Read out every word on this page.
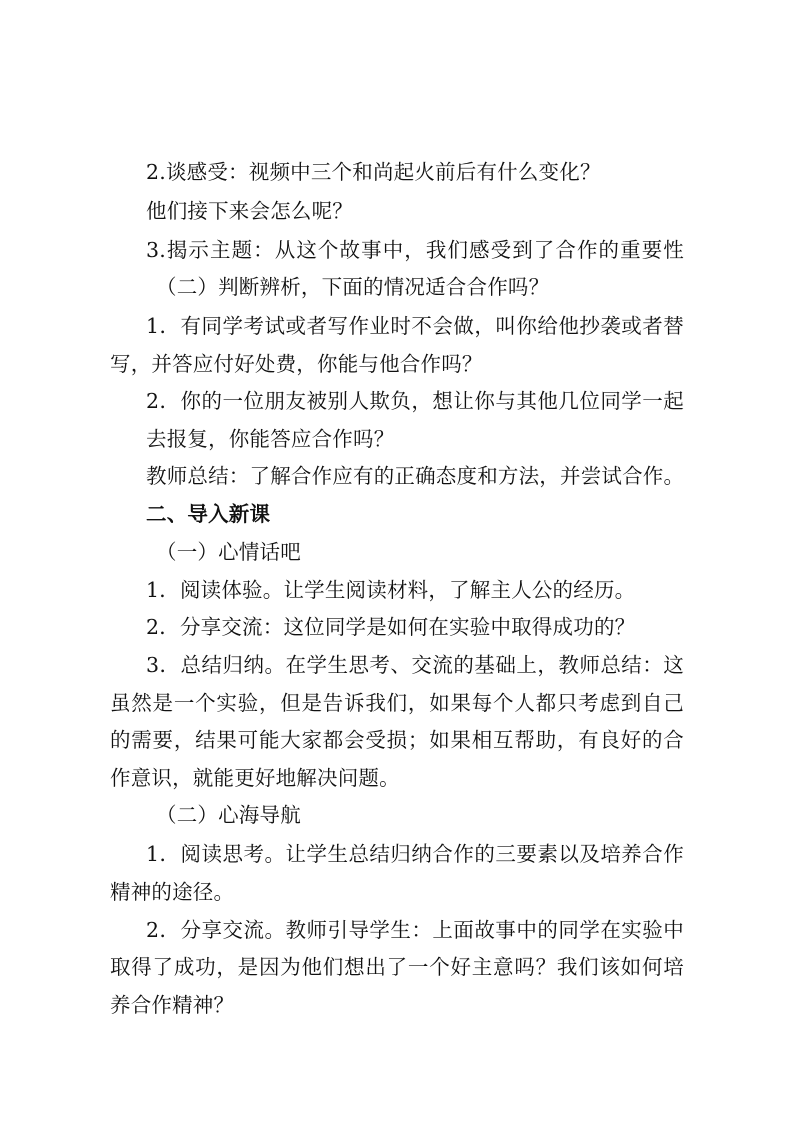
2.谈感受：视频中三个和尚起火前后有什么变化？
他们接下来会怎么呢？
3.揭示主题：从这个故事中，我们感受到了合作的重要性
（二）判断辨析，下面的情况适合合作吗？
1．有同学考试或者写作业时不会做，叫你给他抄袭或者替
写，并答应付好处费，你能与他合作吗？
2．你的一位朋友被别人欺负，想让你与其他几位同学一起
去报复，你能答应合作吗？
教师总结：了解合作应有的正确态度和方法，并尝试合作。
二、导入新课
（一）心情话吧
1．阅读体验。让学生阅读材料，了解主人公的经历。
2．分享交流：这位同学是如何在实验中取得成功的？
3．总结归纳。在学生思考、交流的基础上，教师总结：这
虽然是一个实验，但是告诉我们，如果每个人都只考虑到自己
的需要，结果可能大家都会受损；如果相互帮助，有良好的合
作意识，就能更好地解决问题。
（二）心海导航
1．阅读思考。让学生总结归纳合作的三要素以及培养合作
精神的途径。
2．分享交流。教师引导学生：上面故事中的同学在实验中
取得了成功，是因为他们想出了一个好主意吗？我们该如何培
养合作精神？
